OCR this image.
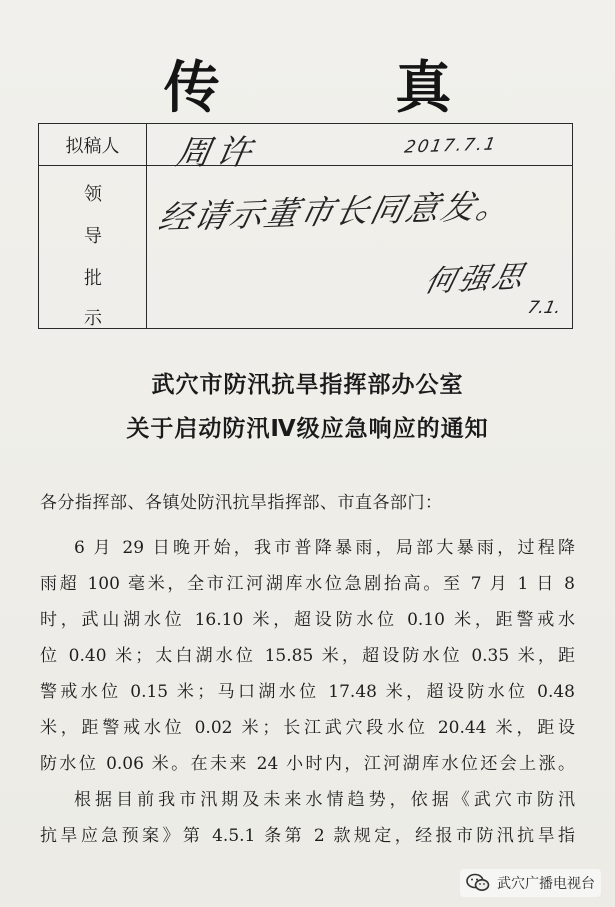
传 真
拟稿人	周许	2017.7.1
领
导
批
示
经请示董市长同意发。
何强思
7.1.
武穴市防汛抗旱指挥部办公室
关于启动防汛Ⅳ级应急响应的通知
各分指挥部、各镇处防汛抗旱指挥部、市直各部门：
6 月 29 日晚开始，我市普降暴雨，局部大暴雨，过程降
雨超 100 毫米，全市江河湖库水位急剧抬高。至 7 月 1 日 8
时，武山湖水位 16.10 米，超设防水位 0.10 米，距警戒水
位 0.40 米；太白湖水位 15.85 米，超设防水位 0.35 米，距
警戒水位 0.15 米；马口湖水位 17.48 米，超设防水位 0.48
米，距警戒水位 0.02 米；长江武穴段水位 20.44 米，距设
防水位 0.06 米。在未来 24 小时内，江河湖库水位还会上涨。
根据目前我市汛期及未来水情趋势，依据《武穴市防汛
抗旱应急预案》第 4.5.1 条第 2 款规定，经报市防汛抗旱指
武穴广播电视台
